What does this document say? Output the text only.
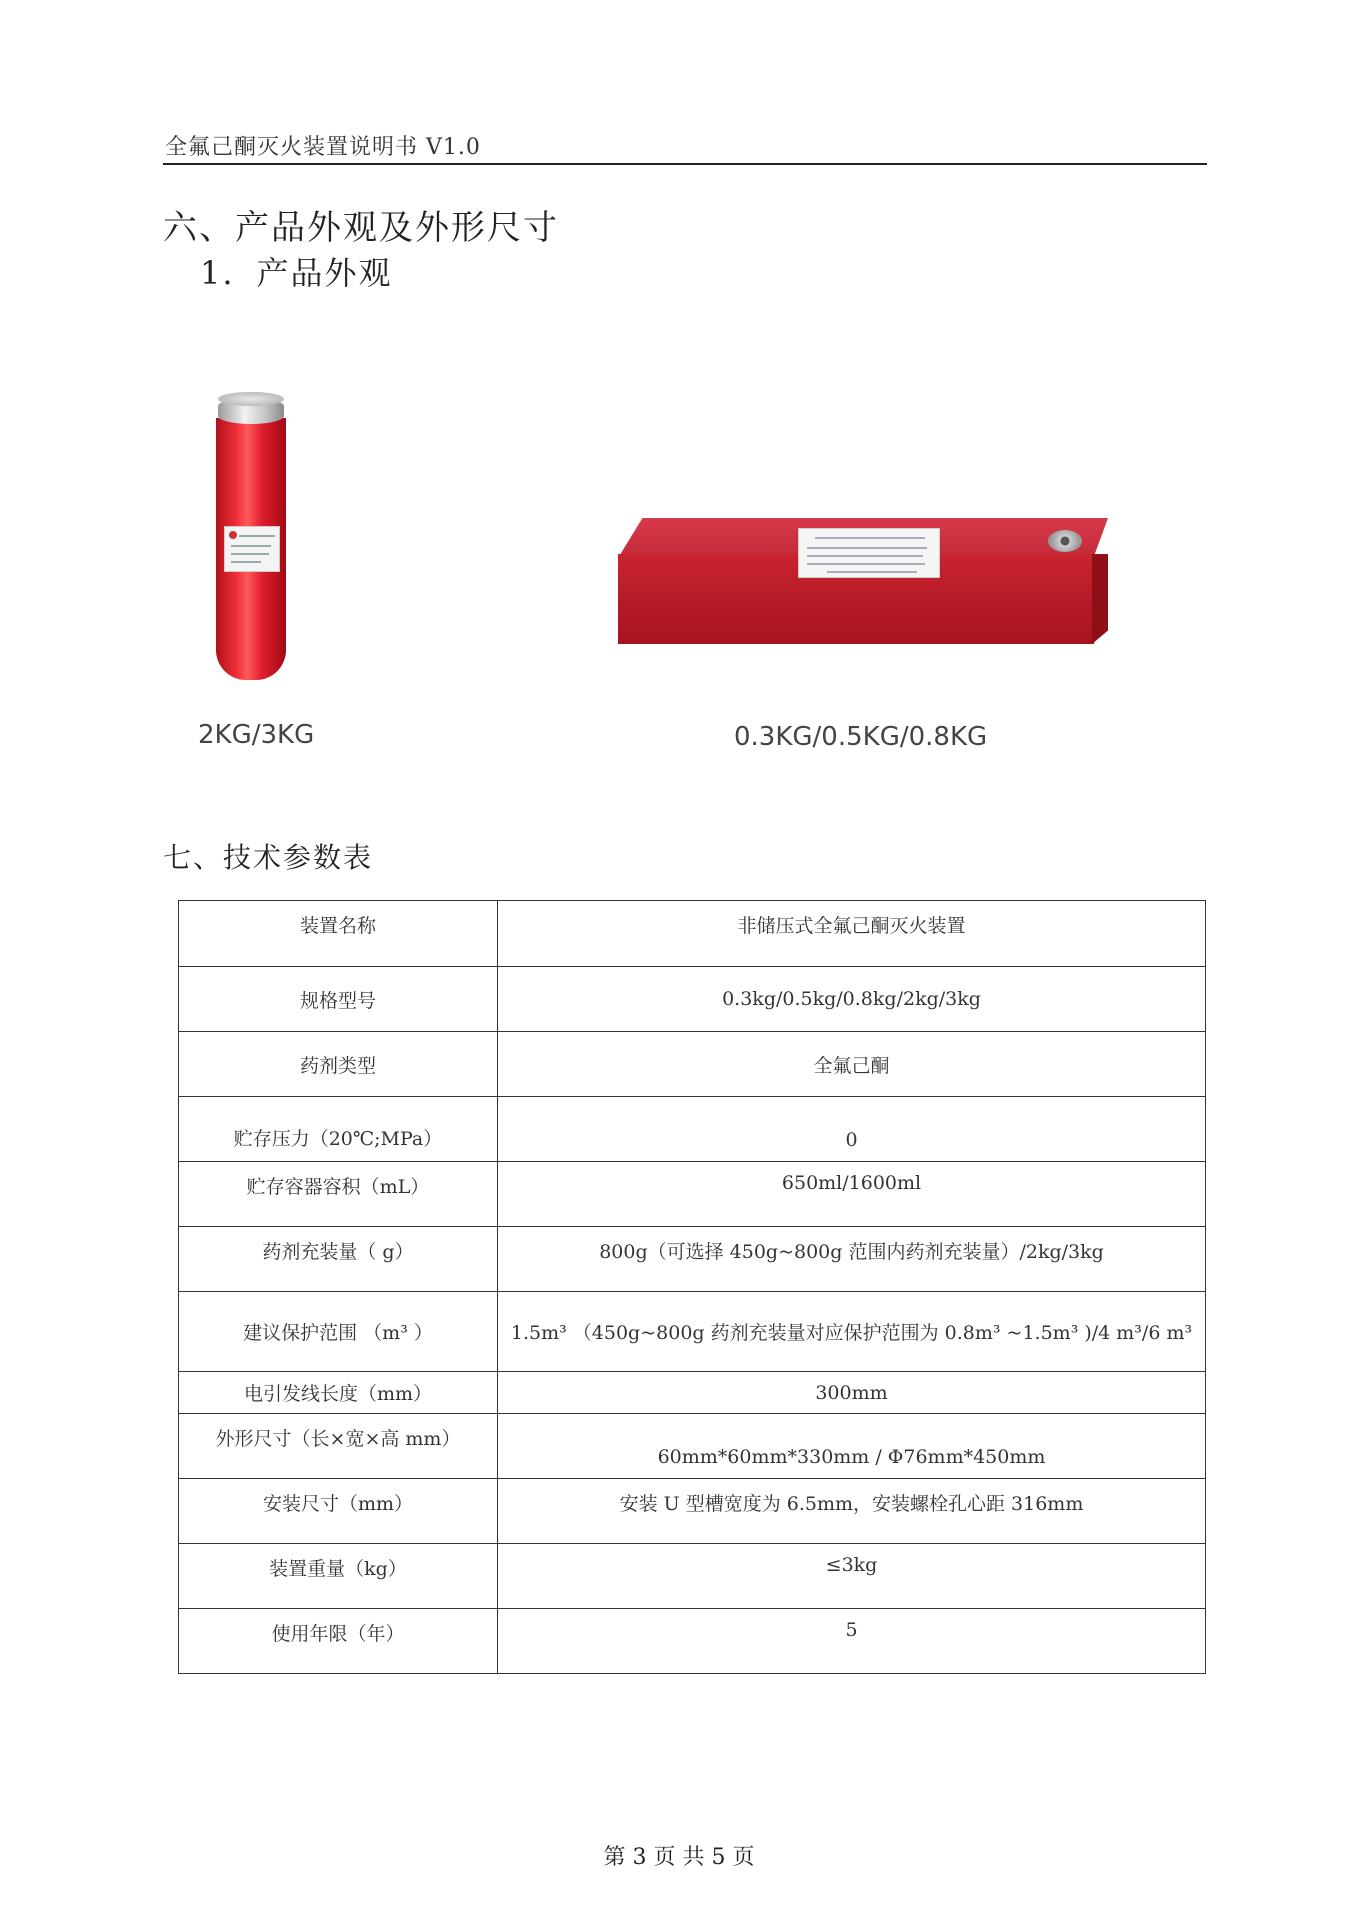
全氟己酮灭火装置说明书 V1.0
六、产品外观及外形尺寸
1. 产品外观
2KG/3KG	0.3KG/0.5KG/0.8KG
七、技术参数表
装置名称	非储压式全氟己酮灭火装置
规格型号	0.3kg/0.5kg/0.8kg/2kg/3kg
药剂类型	全氟己酮
贮存压力（20℃;MPa）	0
贮存容器容积（mL）	650ml/1600ml
药剂充装量（ g）	800g（可选择 450g~800g 范围内药剂充装量）/2kg/3kg
建议保护范围 （m³ ）	1.5m³ （450g~800g 药剂充装量对应保护范围为 0.8m³ ~1.5m³ )/4 m³/6 m³
电引发线长度（mm）	300mm
外形尺寸（长×宽×高 mm）	60mm*60mm*330mm / Φ76mm*450mm
安装尺寸（mm）	安装 U 型槽宽度为 6.5mm，安装螺栓孔心距 316mm
装置重量（kg）	≤3kg
使用年限（年）	5
第 3 页 共 5 页
